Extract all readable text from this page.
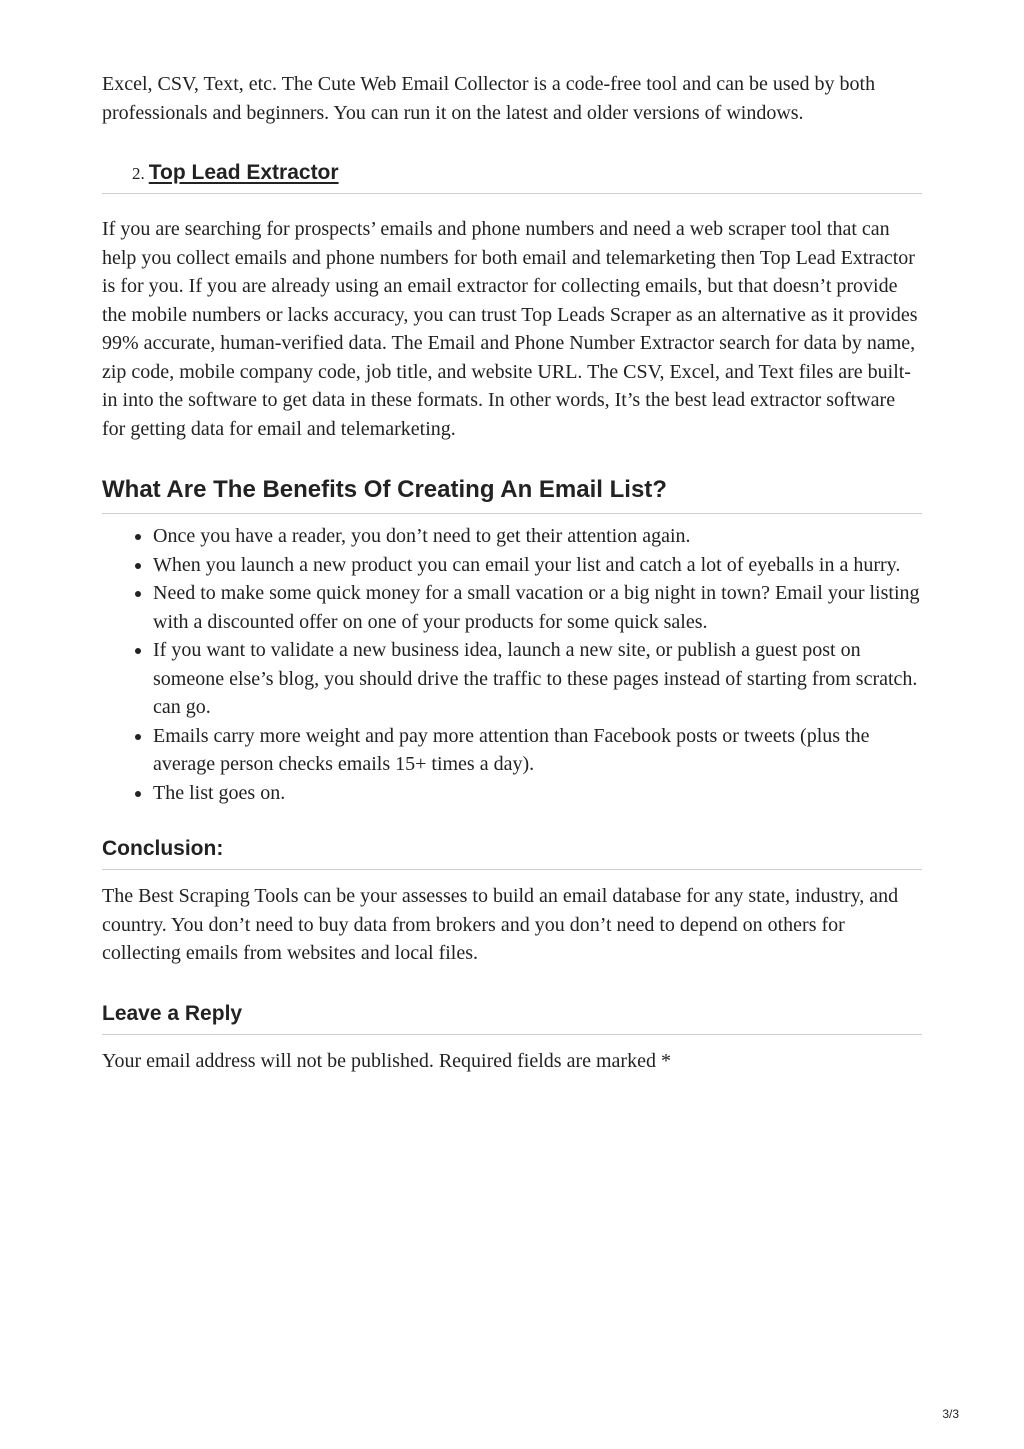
Excel, CSV, Text, etc. The Cute Web Email Collector is a code-free tool and can be used by both professionals and beginners. You can run it on the latest and older versions of windows.

2. Top Lead Extractor

If you are searching for prospects’ emails and phone numbers and need a web scraper tool that can help you collect emails and phone numbers for both email and telemarketing then Top Lead Extractor is for you. If you are already using an email extractor for collecting emails, but that doesn’t provide the mobile numbers or lacks accuracy, you can trust Top Leads Scraper as an alternative as it provides 99% accurate, human-verified data. The Email and Phone Number Extractor search for data by name, zip code, mobile company code, job title, and website URL. The CSV, Excel, and Text files are built-in into the software to get data in these formats. In other words, It’s the best lead extractor software for getting data for email and telemarketing.

What Are The Benefits Of Creating An Email List?
• Once you have a reader, you don’t need to get their attention again.
• When you launch a new product you can email your list and catch a lot of eyeballs in a hurry.
• Need to make some quick money for a small vacation or a big night in town? Email your listing with a discounted offer on one of your products for some quick sales.
• If you want to validate a new business idea, launch a new site, or publish a guest post on someone else’s blog, you should drive the traffic to these pages instead of starting from scratch. can go.
• Emails carry more weight and pay more attention than Facebook posts or tweets (plus the average person checks emails 15+ times a day).
• The list goes on.
Conclusion:

The Best Scraping Tools can be your assesses to build an email database for any state, industry, and country. You don’t need to buy data from brokers and you don’t need to depend on others for collecting emails from websites and local files.

Leave a Reply

Your email address will not be published. Required fields are marked *

3/3
